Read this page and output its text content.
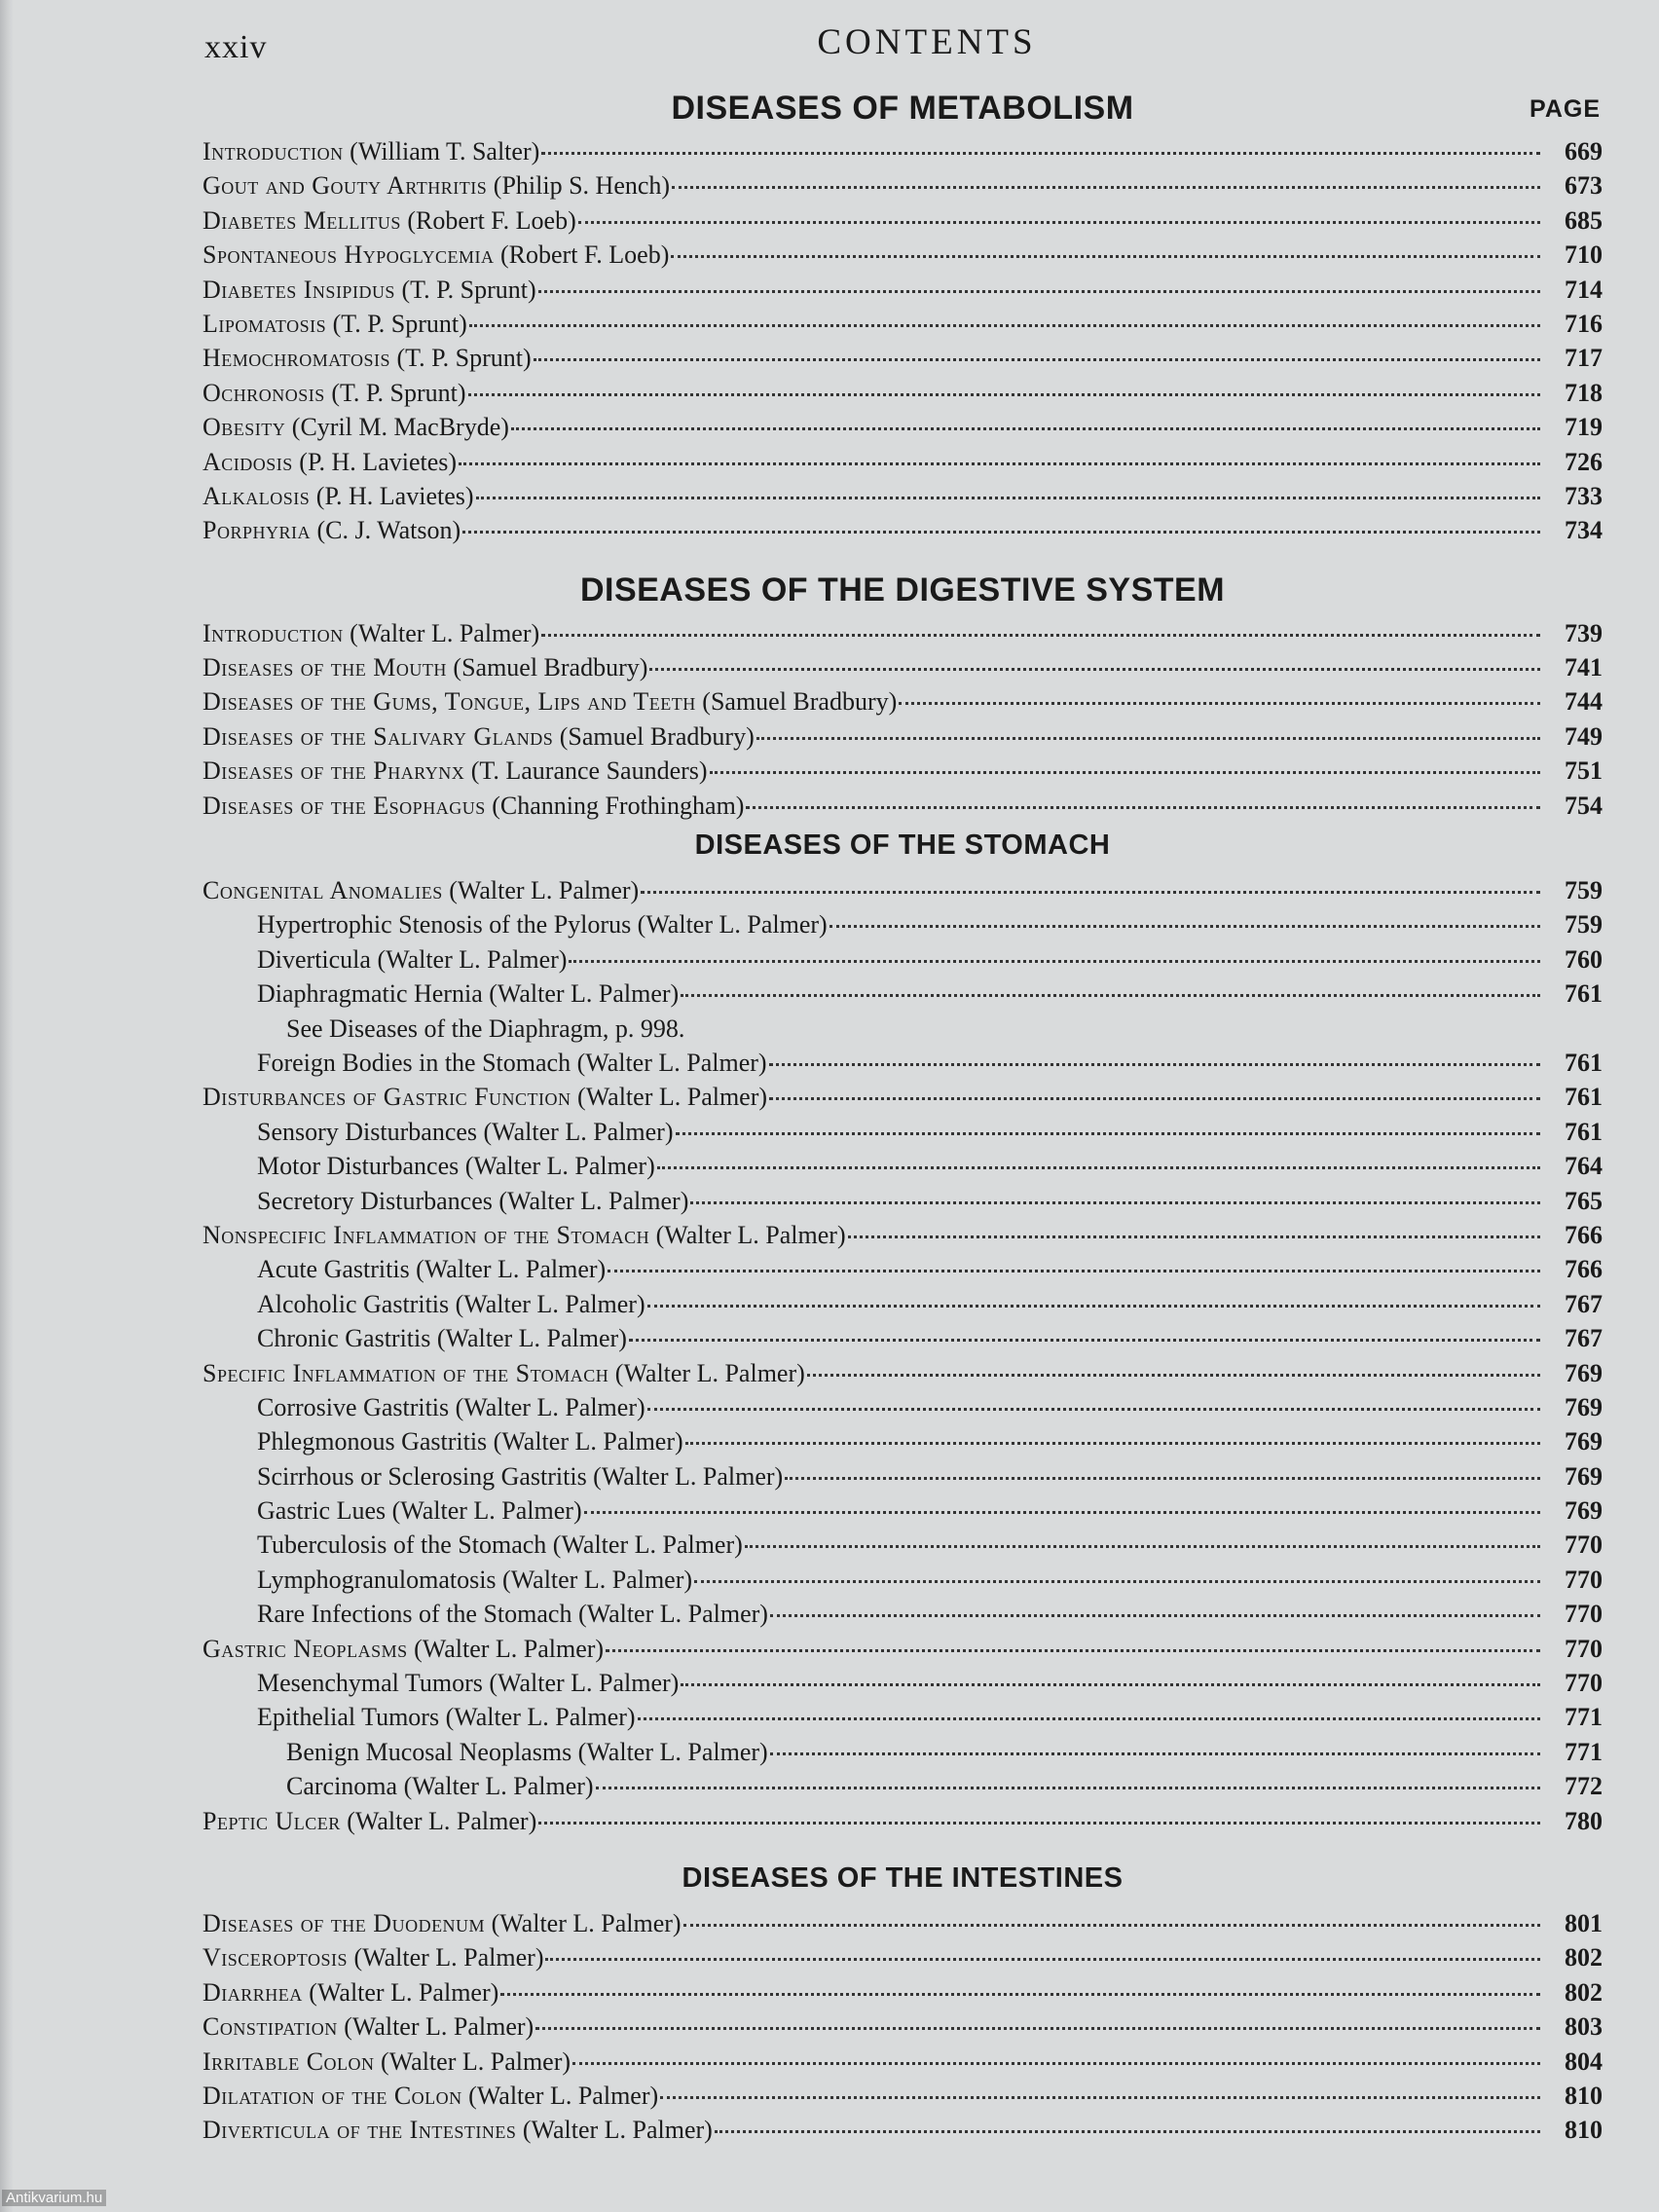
xxiv	CONTENTS
PAGE
DISEASES OF METABOLISM
Introduction (William T. Salter)	669
Gout and Gouty Arthritis (Philip S. Hench)	673
Diabetes Mellitus (Robert F. Loeb)	685
Spontaneous Hypoglycemia (Robert F. Loeb)	710
Diabetes Insipidus (T. P. Sprunt)	714
Lipomatosis (T. P. Sprunt)	716
Hemochromatosis (T. P. Sprunt)	717
Ochronosis (T. P. Sprunt)	718
Obesity (Cyril M. MacBryde)	719
Acidosis (P. H. Lavietes)	726
Alkalosis (P. H. Lavietes)	733
Porphyria (C. J. Watson)	734
DISEASES OF THE DIGESTIVE SYSTEM
Introduction (Walter L. Palmer)	739
Diseases of the Mouth (Samuel Bradbury)	741
Diseases of the Gums, Tongue, Lips and Teeth (Samuel Bradbury)	744
Diseases of the Salivary Glands (Samuel Bradbury)	749
Diseases of the Pharynx (T. Laurance Saunders)	751
Diseases of the Esophagus (Channing Frothingham)	754
DISEASES OF THE STOMACH
Congenital Anomalies (Walter L. Palmer)	759
Hypertrophic Stenosis of the Pylorus (Walter L. Palmer)	759
Diverticula (Walter L. Palmer)	760
Diaphragmatic Hernia (Walter L. Palmer)	761
See Diseases of the Diaphragm, p. 998.
Foreign Bodies in the Stomach (Walter L. Palmer)	761
Disturbances of Gastric Function (Walter L. Palmer)	761
Sensory Disturbances (Walter L. Palmer)	761
Motor Disturbances (Walter L. Palmer)	764
Secretory Disturbances (Walter L. Palmer)	765
Nonspecific Inflammation of the Stomach (Walter L. Palmer)	766
Acute Gastritis (Walter L. Palmer)	766
Alcoholic Gastritis (Walter L. Palmer)	767
Chronic Gastritis (Walter L. Palmer)	767
Specific Inflammation of the Stomach (Walter L. Palmer)	769
Corrosive Gastritis (Walter L. Palmer)	769
Phlegmonous Gastritis (Walter L. Palmer)	769
Scirrhous or Sclerosing Gastritis (Walter L. Palmer)	769
Gastric Lues (Walter L. Palmer)	769
Tuberculosis of the Stomach (Walter L. Palmer)	770
Lymphogranulomatosis (Walter L. Palmer)	770
Rare Infections of the Stomach (Walter L. Palmer)	770
Gastric Neoplasms (Walter L. Palmer)	770
Mesenchymal Tumors (Walter L. Palmer)	770
Epithelial Tumors (Walter L. Palmer)	771
Benign Mucosal Neoplasms (Walter L. Palmer)	771
Carcinoma (Walter L. Palmer)	772
Peptic Ulcer (Walter L. Palmer)	780
DISEASES OF THE INTESTINES
Diseases of the Duodenum (Walter L. Palmer)	801
Visceroptosis (Walter L. Palmer)	802
Diarrhea (Walter L. Palmer)	802
Constipation (Walter L. Palmer)	803
Irritable Colon (Walter L. Palmer)	804
Dilatation of the Colon (Walter L. Palmer)	810
Diverticula of the Intestines (Walter L. Palmer)	810
Antikvarium.hu
